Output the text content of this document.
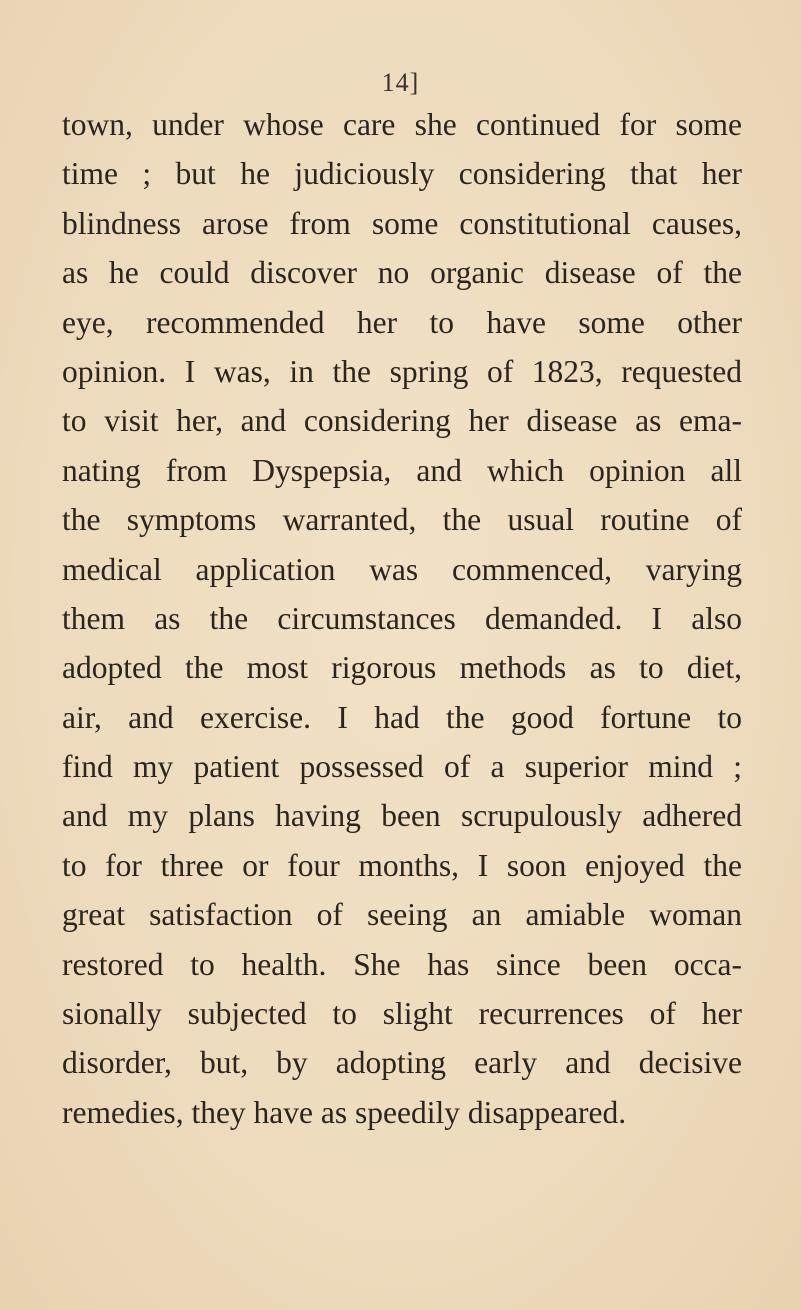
14]
town, under whose care she continued for some
time ; but he judiciously considering that her
blindness arose from some constitutional causes,
as he could discover no organic disease of the
eye, recommended her to have some other
opinion. I was, in the spring of 1823, requested
to visit her, and considering her disease as ema-
nating from Dyspepsia, and which opinion all
the symptoms warranted, the usual routine of
medical application was commenced, varying
them as the circumstances demanded. I also
adopted the most rigorous methods as to diet,
air, and exercise. I had the good fortune to
find my patient possessed of a superior mind ;
and my plans having been scrupulously adhered
to for three or four months, I soon enjoyed the
great satisfaction of seeing an amiable woman
restored to health. She has since been occa-
sionally subjected to slight recurrences of her
disorder, but, by adopting early and decisive
remedies, they have as speedily disappeared.
